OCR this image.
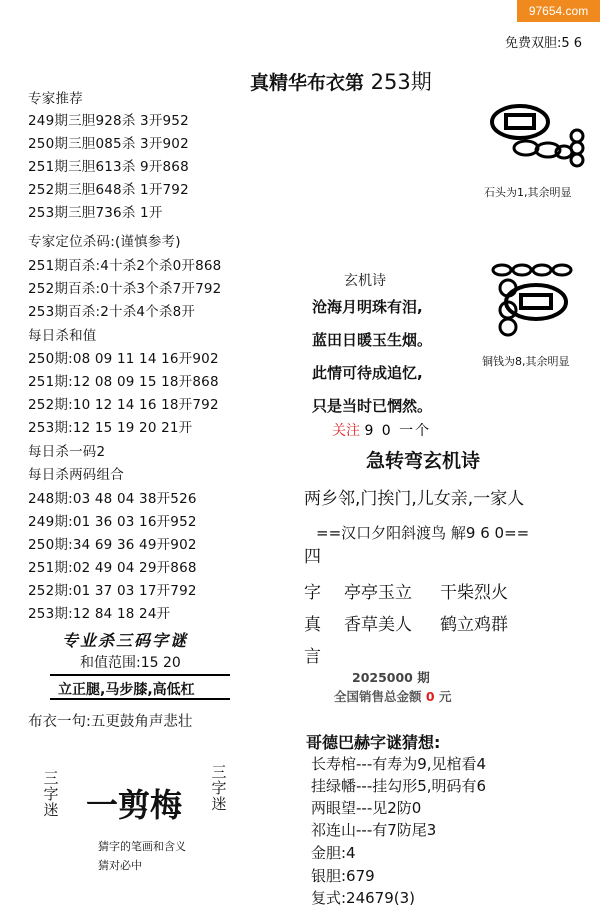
97654.com
免费双胆:5 6
真精华布衣第 253期
专家推荐
249期三胆928杀 3开952
250期三胆085杀 3开902
251期三胆613杀 9开868
252期三胆648杀 1开792
253期三胆736杀 1开
专家定位杀码:(谨慎参考)
251期百杀:4十杀2个杀0开868
252期百杀:0十杀3个杀7开792
253期百杀:2十杀4个杀8开
每日杀和值
250期:08 09 11 14 16开902
251期:12 08 09 15 18开868
252期:10 12 14 16 18开792
253期:12 15 19 20 21开
每日杀一码2
每日杀两码组合
248期:03 48 04 38开526
249期:01 36 03 16开952
250期:34 69 36 49开902
251期:02 49 04 29开868
252期:01 37 03 17开792
253期:12 84 18 24开
专业杀三码字谜
和值范围:15 20
立正腿,马步膝,高低杠
布衣一句:五更鼓角声悲壮
三
字
迷
三
字
迷
一剪梅
猜字的笔画和含义
猜对必中
石头为1,其余明显
铜钱为8,其余明显
玄机诗
沧海月明珠有泪,
蓝田日暖玉生烟。
此情可待成追忆,
只是当时已惘然。
关注 9 0 一个
急转弯玄机诗
两乡邻,门挨门,儿女亲,一家人
==汉口夕阳斜渡鸟 解9 6 0==
四
字
真
言
亭亭玉立 干柴烈火
香草美人 鹤立鸡群
2025000 期
全国销售总金额 0 元
哥德巴赫字谜猜想:
长寿棺---有寿为9,见棺看4
挂绿幡---挂勾形5,明码有6
两眼望---见2防0
祁连山---有7防尾3
金胆:4
银胆:679
复式:24679(3)
